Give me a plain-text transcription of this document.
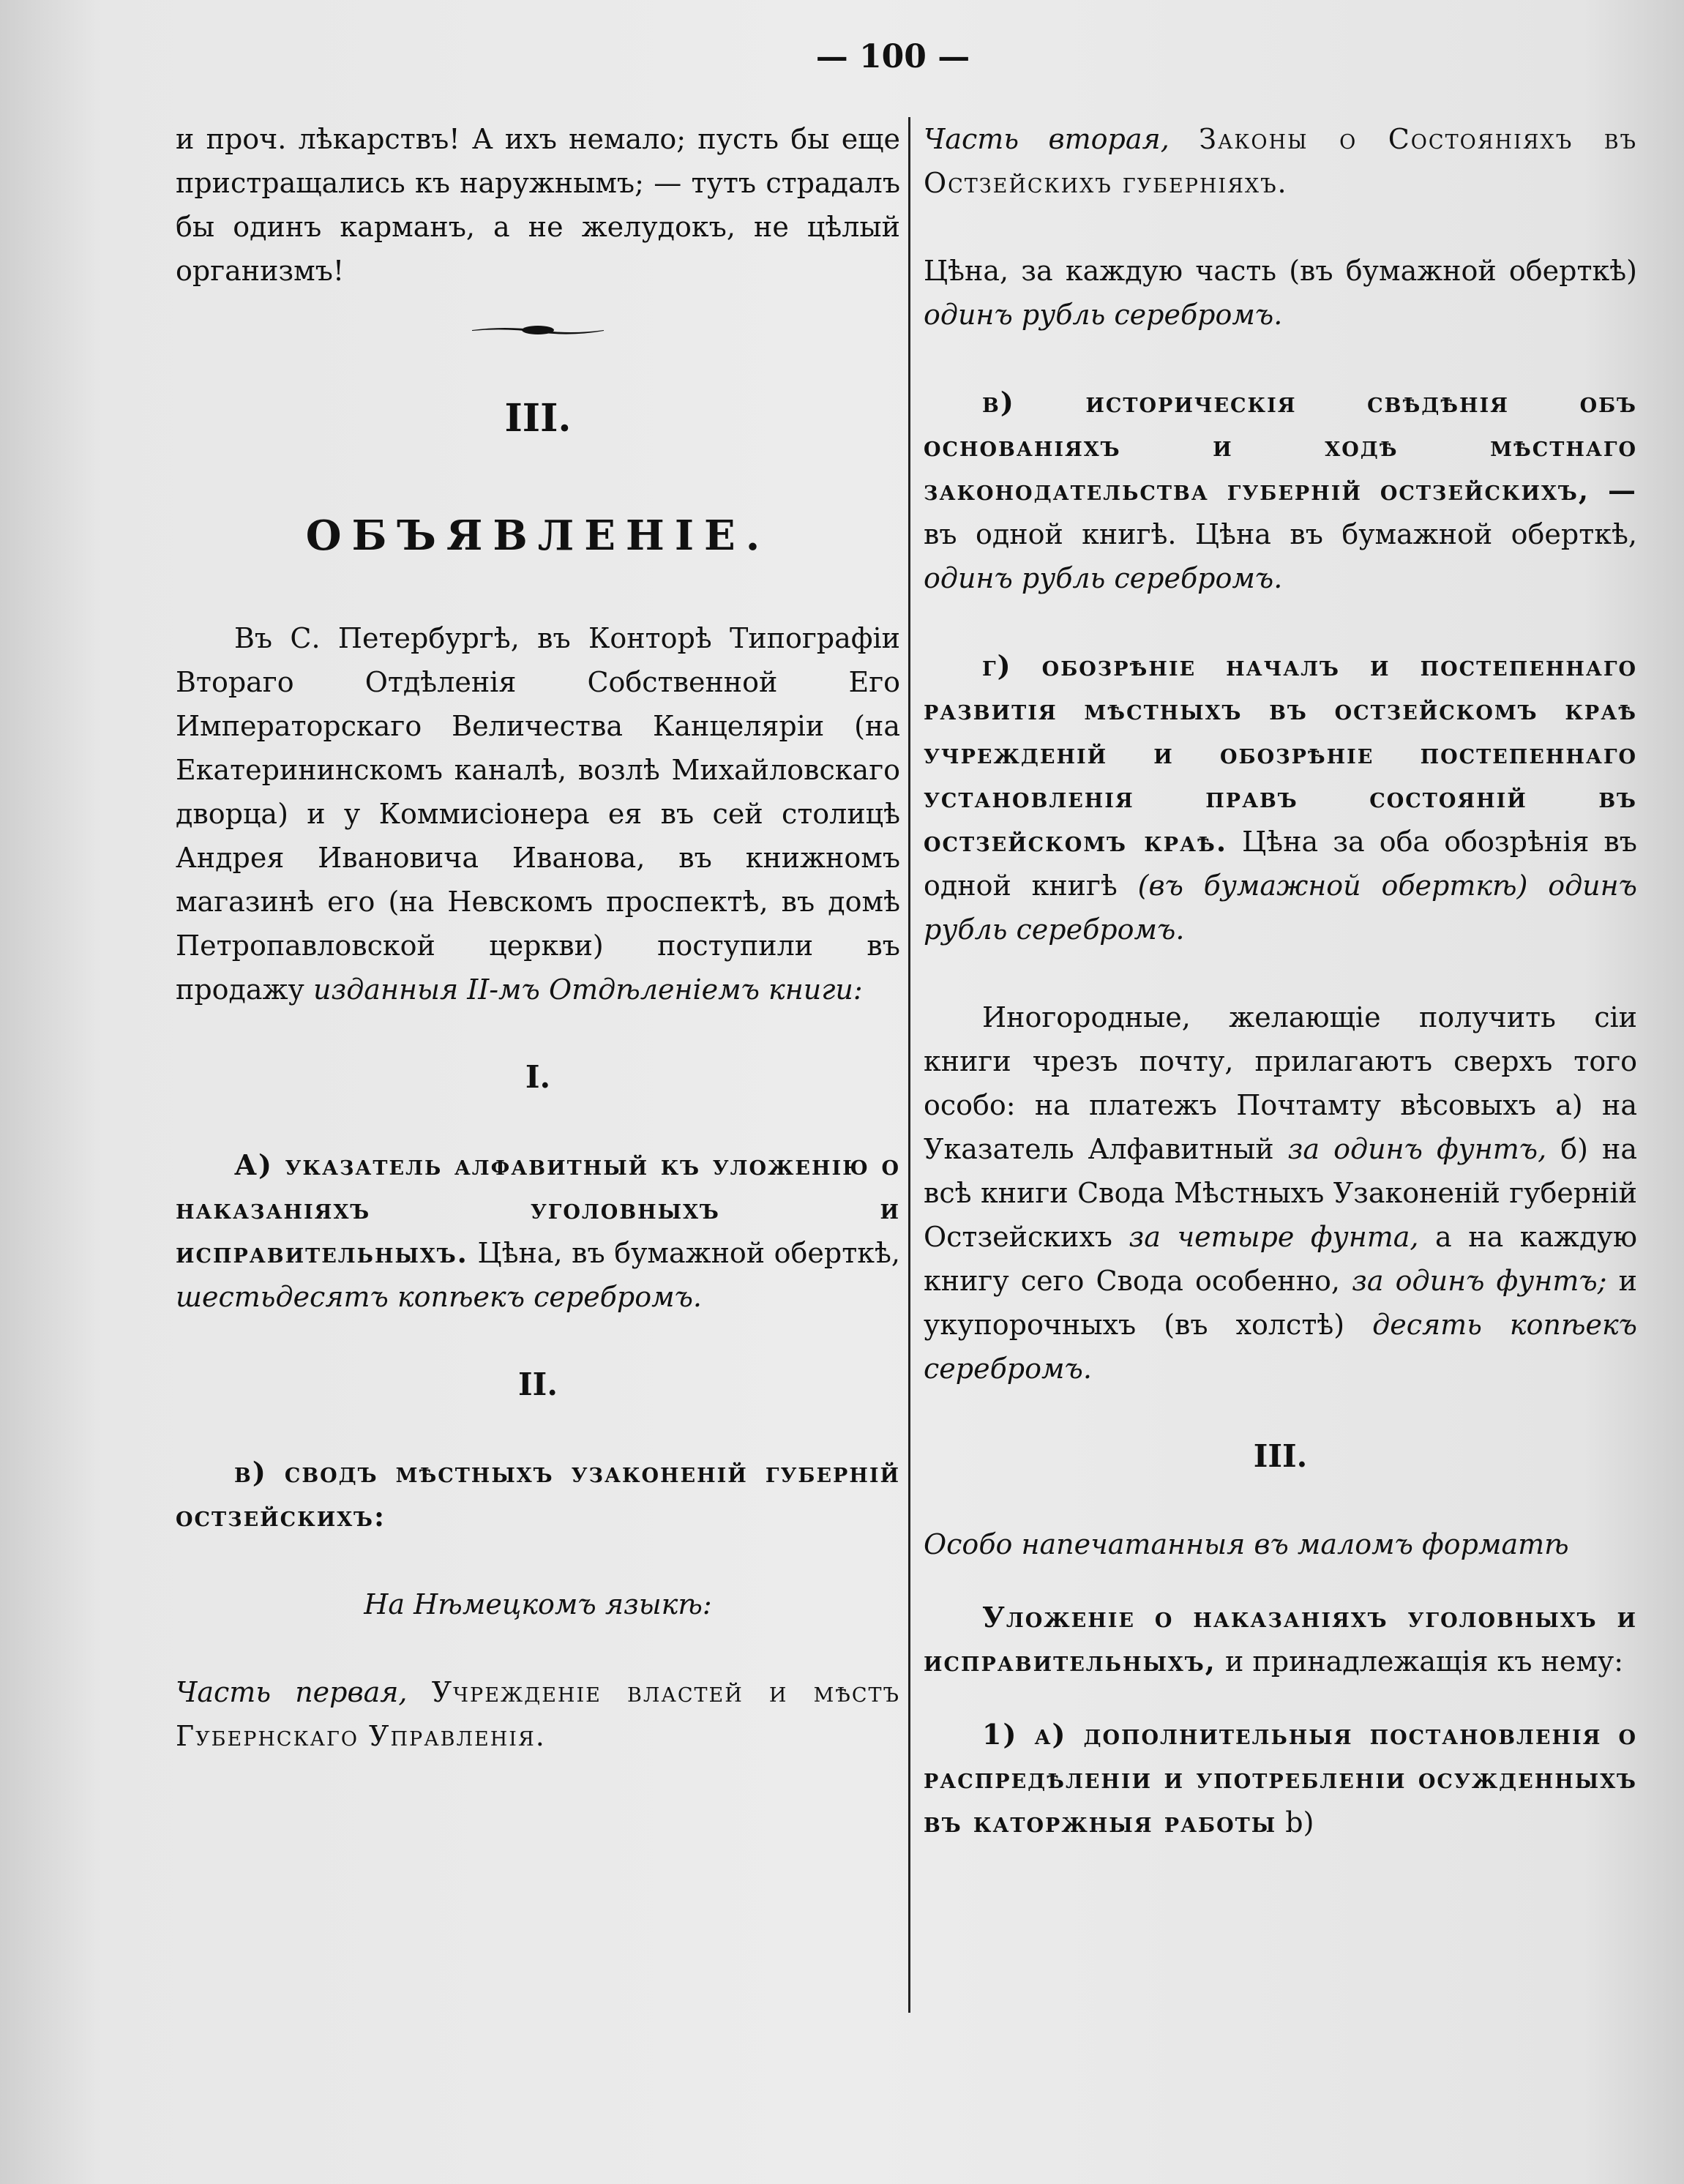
— 100 —

и проч. лѣкарствъ! А ихъ немало; пусть бы еще пристращались къ наружнымъ; — тутъ страдалъ бы одинъ карманъ, а не желудокъ, не цѣлый организмъ!

III.
ОБЪЯВЛЕНІЕ.

Въ С. Петербургѣ, въ Конторѣ Типографіи Втораго Отдѣленія Собственной Его Императорскаго Величества Канцеляріи (на Екатерининскомъ каналѣ, возлѣ Михайловскаго дворца) и у Коммисіонера ея въ сей столицѣ Андрея Ивановича Иванова, въ книжномъ магазинѣ его (на Невскомъ проспектѣ, въ домѣ Петропавловской церкви) поступили въ продажу изданныя II-мъ Отдѣленіемъ книги:

I.

А) указатель алфавитный къ уложенію о наказаніяхъ уголовныхъ и исправительныхъ. Цѣна, въ бумажной оберткѣ, шестьдесятъ копѣекъ серебромъ.

II.

в) сводъ мѣстныхъ узаконеній губерній остзейскихъ:

На Нѣмецкомъ языкѣ:

Часть первая, Учрежденіе властей и мѣстъ Губернскаго Управленія.

Часть вторая, Законы о Состояніяхъ въ Остзейскихъ губерніяхъ.

Цѣна, за каждую часть (въ бумажной оберткѣ) одинъ рубль серебромъ.

в) историческія свѣдѣнія объ основаніяхъ и ходѣ мѣстнаго законодательства губерній остзейскихъ, — въ одной книгѣ. Цѣна въ бумажной оберткѣ, одинъ рубль серебромъ.

г) обозрѣніе началъ и постепеннаго развитія мѣстныхъ въ остзейскомъ краѣ учрежденій и обозрѣніе постепеннаго установленія правъ состояній въ остзейскомъ краѣ. Цѣна за оба обозрѣнія въ одной книгѣ (въ бумажной оберткѣ) одинъ рубль серебромъ.

Иногородные, желающіе получить сіи книги чрезъ почту, прилагаютъ сверхъ того особо: на платежъ Почтамту вѣсовыхъ а) на Указатель Алфавитный за одинъ фунтъ, б) на всѣ книги Свода Мѣстныхъ Узаконеній губерній Остзейскихъ за четыре фунта, а на каждую книгу сего Свода особенно, за одинъ фунтъ; и укупорочныхъ (въ холстѣ) десять копѣекъ серебромъ.

III.

Особо напечатанныя въ маломъ форматѣ

Уложеніе о наказаніяхъ уголовныхъ и исправительныхъ, и принадлежащія къ нему:

1) а) дополнительныя постановленія о распредѣленіи и употребленіи осужденныхъ въ каторжныя работы b)
